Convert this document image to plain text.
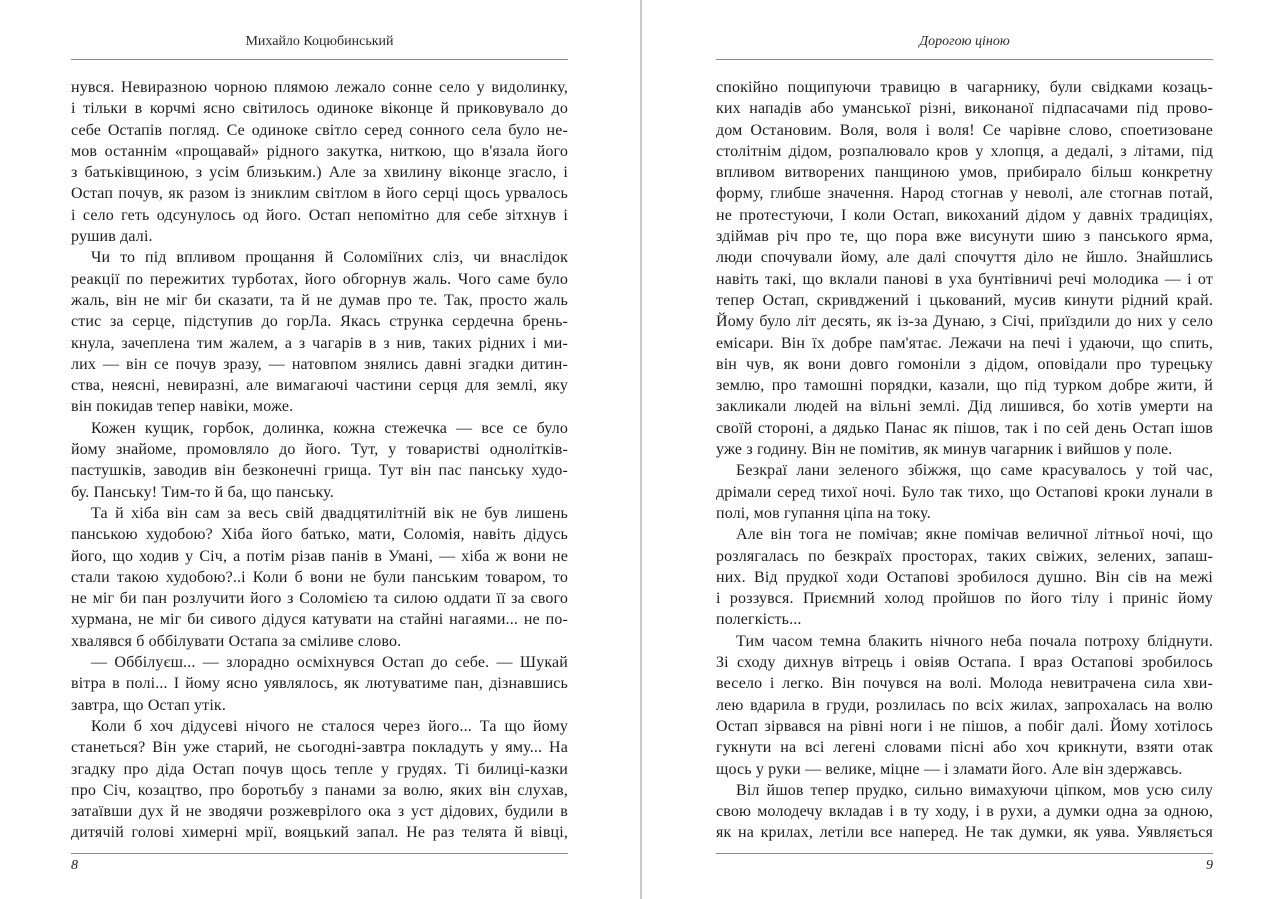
Михайло Коцюбинський
нувся. Невиразною чорною плямою лежало сонне село у видолинку,
і тільки в корчмі ясно світилось одиноке віконце й приковувало до
себе Остапів погляд. Се одиноке світло серед сонного села було не-
мов останнім «прощавай» рідного закутка, ниткою, що в'язала його
з батьківщиною, з усім близьким.) Але за хвилину віконце згасло, і
Остап почув, як разом із зниклим світлом в його серці щось урвалось
і село геть одсунулось од його. Остап непомітно для себе зітхнув і
рушив далі.
Чи то під впливом прощання й Соломіїних сліз, чи внаслідок
реакції по пережитих турботах, його обгорнув жаль. Чого саме було
жаль, він не міг би сказати, та й не думав про те. Так, просто жаль
стис за серце, підступив до горЛа. Якась струнка сердечна брень-
кнула, зачеплена тим жалем, а з чагарів в з нив, таких рідних і ми-
лих — він се почув зразу, — натовпом знялись давні згадки дитин-
ства, неясні, невиразні, але вимагаючі частини серця для землі, яку
він покидав тепер навіки, може.
Кожен кущик, горбок, долинка, кожна стежечка — все се було
йому знайоме, промовляло до його. Тут, у товаристві однолітків-
пастушків, заводив він безконечні грища. Тут він пас панську худо-
бу. Панську! Тим-то й ба, що панську.
Та й хіба він сам за весь свій двадцятилітній вік не був лишень
панською худобою? Хіба його батько, мати, Соломія, навіть дідусь
його, що ходив у Січ, а потім різав панів в Умані, — хіба ж вони не
стали такою худобою?..і Коли б вони не були панським товаром, то
не міг би пан розлучити його з Соломією та силою оддати її за свого
хурмана, не міг би сивого дідуся катувати на стайні нагаями... не по-
хвалявся б оббілувати Остапа за сміливе слово.
— Оббілуєш... — злорадно осміхнувся Остап до себе. — Шукай
вітра в полі... І йому ясно уявлялось, як лютуватиме пан, дізнавшись
завтра, що Остап утік.
Коли б хоч дідусеві нічого не сталося через його... Та що йому
станеться? Він уже старий, не сьогодні-завтра покладуть у яму... На
згадку про діда Остап почув щось тепле у грудях. Ті билиці-казки
про Січ, козацтво, про боротьбу з панами за волю, яких він слухав,
затаївши дух й не зводячи розжеврілого ока з уст дідових, будили в
дитячій голові химерні мрії, вояцький запал. Не раз телята й вівці,
8
Дорогою ціною
спокійно пощипуючи травицю в чагарнику, були свідками козаць-
ких нападів або уманської різні, виконаної підпасачами під прово-
дом Остановим. Воля, воля і воля! Се чарівне слово, споетизоване
столітнім дідом, розпалювало кров у хлопця, а дедалі, з літами, під
впливом витворених панщиною умов, прибирало більш конкретну
форму, глибше значення. Народ стогнав у неволі, але стогнав потай,
не протестуючи, І коли Остап, викоханий дідом у давніх традиціях,
здіймав річ про те, що пора вже висунути шию з панського ярма,
люди спочували йому, але далі спочуття діло не йшло. Знайшлись
навіть такі, що вклали панові в уха бунтівничі речі молодика — і от
тепер Остап, скривджений і цькований, мусив кинути рідний край.
Йому було літ десять, як із-за Дунаю, з Січі, приїздили до них у село
емісари. Він їх добре пам'ятає. Лежачи на печі і удаючи, що спить,
він чув, як вони довго гомоніли з дідом, оповідали про турецьку
землю, про тамошні порядки, казали, що під турком добре жити, й
закликали людей на вільні землі. Дід лишився, бо хотів умерти на
своїй стороні, а дядько Панас як пішов, так і по сей день Остап ішов
уже з годину. Він не помітив, як минув чагарник і вийшов у поле.
Безкраї лани зеленого збіжжя, що саме красувалось у той час,
дрімали серед тихої ночі. Було так тихо, що Остапові кроки лунали в
полі, мов гупання ціпа на току.
Але він тога не помічав; якне помічав величної літньої ночі, що
розлягалась по безкраїх просторах, таких свіжих, зелених, запаш-
них. Від прудкої ходи Остапові зробилося душно. Він сів на межі
і роззувся. Приємний холод пройшов по його тілу і приніс йому
полегкість...
Тим часом темна блакить нічного неба почала потроху бліднути.
Зі сходу дихнув вітрець і овіяв Остапа. І враз Остапові зробилось
весело і легко. Він почувся на волі. Молода невитрачена сила хви-
лею вдарила в груди, розлилась по всіх жилах, запрохалась на волю
Остап зірвався на рівні ноги і не пішов, а побіг далі. Йому хотілось
гукнути на всі легені словами пісні або хоч крикнути, взяти отак
щось у руки — велике, міцне — і зламати його. Але він здержавсь.
Віл йшов тепер прудко, сильно вимахуючи ціпком, мов усю силу
свою молодечу вкладав і в ту ходу, і в рухи, а думки одна за одною,
як на крилах, летіли все наперед. Не так думки, як уява. Уявляється
9
